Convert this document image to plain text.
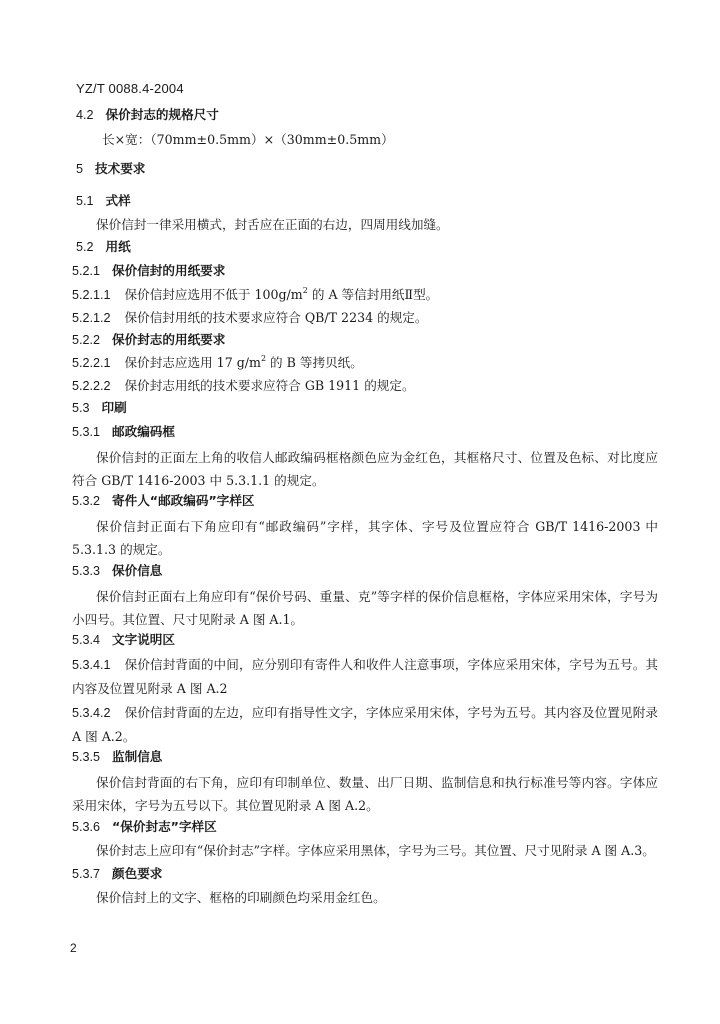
YZ/T 0088.4-2004
4.2 保价封志的规格尺寸
长×宽：（70mm±0.5mm）×（30mm±0.5mm）
5 技术要求
5.1 式样
保价信封一律采用横式，封舌应在正面的右边，四周用线加缝。
5.2 用纸
5.2.1 保价信封的用纸要求
5.2.1.1 保价信封应选用不低于 $100g/m^2$ 的 A 等信封用纸Ⅱ型。
5.2.1.2 保价信封用纸的技术要求应符合 QB/T 2234 的规定。
5.2.2 保价封志的用纸要求
5.2.2.1 保价封志应选用 17 $g/m^2$ 的 B 等拷贝纸。
5.2.2.2 保价封志用纸的技术要求应符合 GB 1911 的规定。
5.3 印刷
5.3.1 邮政编码框
保价信封的正面左上角的收信人邮政编码框格颜色应为金红色，其框格尺寸、位置及色标、对比度应符合 GB/T 1416-2003 中 5.3.1.1 的规定。
5.3.2 寄件人“邮政编码”字样区
保价信封正面右下角应印有“邮政编码”字样，其字体、字号及位置应符合 GB/T 1416-2003 中 5.3.1.3 的规定。
5.3.3 保价信息
保价信封正面右上角应印有“保价号码、重量、克”等字样的保价信息框格，字体应采用宋体，字号为小四号。其位置、尺寸见附录 A 图 A.1。
5.3.4 文字说明区
5.3.4.1 保价信封背面的中间，应分别印有寄件人和收件人注意事项，字体应采用宋体，字号为五号。其内容及位置见附录 A 图 A.2
5.3.4.2 保价信封背面的左边，应印有指导性文字，字体应采用宋体，字号为五号。其内容及位置见附录 A 图 A.2。
5.3.5 监制信息
保价信封背面的右下角，应印有印制单位、数量、出厂日期、监制信息和执行标准号等内容。字体应采用宋体，字号为五号以下。其位置见附录 A 图 A.2。
5.3.6 “保价封志”字样区
保价封志上应印有“保价封志”字样。字体应采用黑体，字号为三号。其位置、尺寸见附录 A 图 A.3。
5.3.7 颜色要求
保价信封上的文字、框格的印刷颜色均采用金红色。
2
